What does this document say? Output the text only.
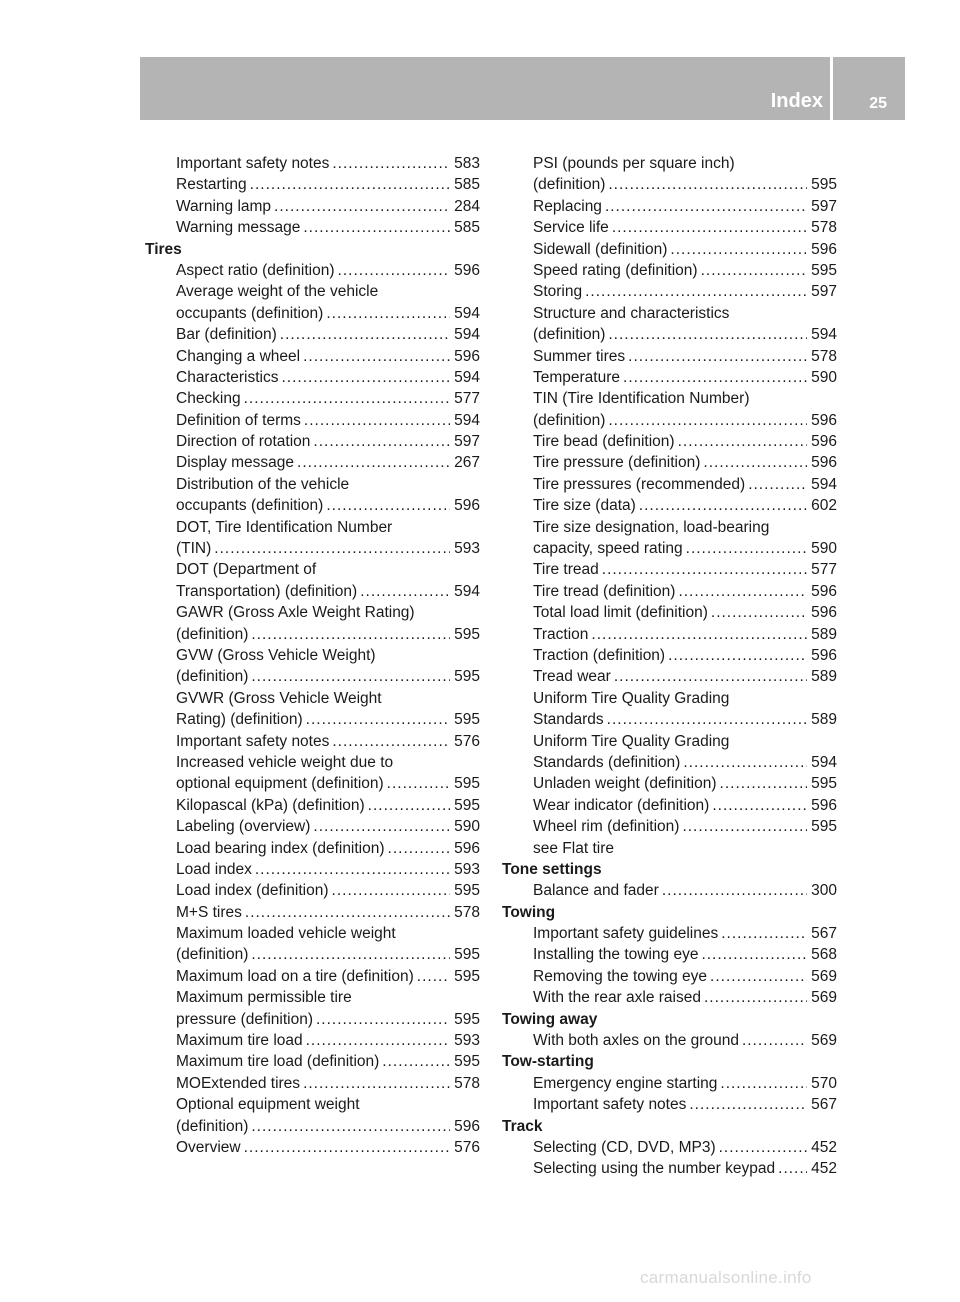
Index	25
Important safety notes .....	583
Restarting .....	585
Warning lamp .....	284
Warning message .....	585
Tires
Aspect ratio (definition) .....	596
Average weight of the vehicle
occupants (definition) .....	594
Bar (definition) .....	594
Changing a wheel .....	596
Characteristics .....	594
Checking .....	577
Definition of terms .....	594
Direction of rotation .....	597
Display message .....	267
Distribution of the vehicle
occupants (definition) .....	596
DOT, Tire Identification Number
(TIN) .....	593
DOT (Department of
Transportation) (definition) .....	594
GAWR (Gross Axle Weight Rating)
(definition) .....	595
GVW (Gross Vehicle Weight)
(definition) .....	595
GVWR (Gross Vehicle Weight
Rating) (definition) .....	595
Important safety notes .....	576
Increased vehicle weight due to
optional equipment (definition) .....	595
Kilopascal (kPa) (definition) .....	595
Labeling (overview) .....	590
Load bearing index (definition) .....	596
Load index .....	593
Load index (definition) .....	595
M+S tires .....	578
Maximum loaded vehicle weight
(definition) .....	595
Maximum load on a tire (definition) .....	595
Maximum permissible tire
pressure (definition) .....	595
Maximum tire load .....	593
Maximum tire load (definition) .....	595
MOExtended tires .....	578
Optional equipment weight
(definition) .....	596
Overview .....	576
PSI (pounds per square inch)
(definition) .....	595
Replacing .....	597
Service life .....	578
Sidewall (definition) .....	596
Speed rating (definition) .....	595
Storing .....	597
Structure and characteristics
(definition) .....	594
Summer tires .....	578
Temperature .....	590
TIN (Tire Identification Number)
(definition) .....	596
Tire bead (definition) .....	596
Tire pressure (definition) .....	596
Tire pressures (recommended) .....	594
Tire size (data) .....	602
Tire size designation, load-bearing
capacity, speed rating .....	590
Tire tread .....	577
Tire tread (definition) .....	596
Total load limit (definition) .....	596
Traction .....	589
Traction (definition) .....	596
Tread wear .....	589
Uniform Tire Quality Grading
Standards .....	589
Uniform Tire Quality Grading
Standards (definition) .....	594
Unladen weight (definition) .....	595
Wear indicator (definition) .....	596
Wheel rim (definition) .....	595
see Flat tire
Tone settings
Balance and fader .....	300
Towing
Important safety guidelines .....	567
Installing the towing eye .....	568
Removing the towing eye .....	569
With the rear axle raised .....	569
Towing away
With both axles on the ground .....	569
Tow-starting
Emergency engine starting .....	570
Important safety notes .....	567
Track
Selecting (CD, DVD, MP3) .....	452
Selecting using the number keypad ..... 452
carmanualsonline.info
